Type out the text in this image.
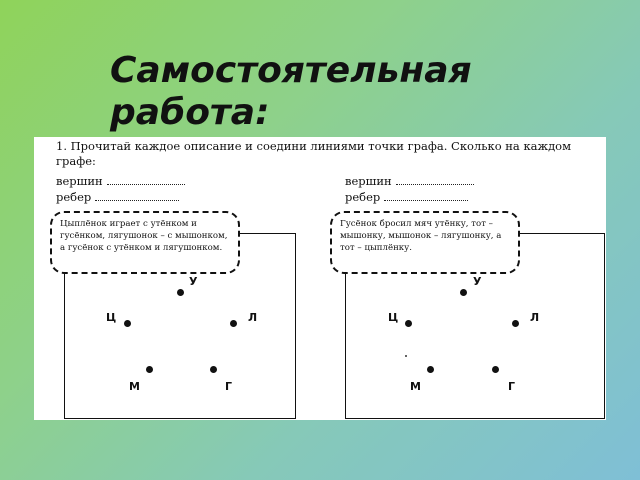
Самостоятельная
работа:
1. Прочитай каждое описание и соедини линиями точки графа. Сколько на каждом графе:
вершин
ребер
вершин
ребер
Цыплёнок играет с утёнком и гусёнком, лягушонок – с мышонком, а гусёнок с утёнком и лягушонком.
У
Ц	Л
М	Г
Гусёнок бросил мяч утёнку, тот – мышонку, мышонок – лягушонку, а тот – цыплёнку.
У
Ц	Л
М	Г
